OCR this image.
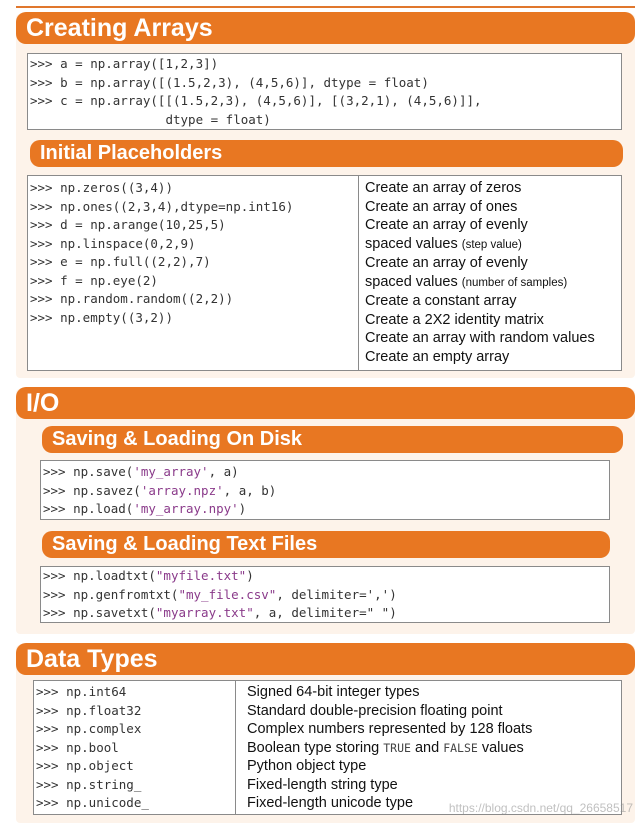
Creating Arrays
>>> a = np.array([1,2,3])
>>> b = np.array([(1.5,2,3), (4,5,6)], dtype = float)
>>> c = np.array([[(1.5,2,3), (4,5,6)], [(3,2,1), (4,5,6)]],
dtype = float)
Initial Placeholders
>>> np.zeros((3,4))
>>> np.ones((2,3,4),dtype=np.int16)
>>> d = np.arange(10,25,5)
>>> np.linspace(0,2,9)
>>> e = np.full((2,2),7)
>>> f = np.eye(2)
>>> np.random.random((2,2))
>>> np.empty((3,2))
Create an array of zeros
Create an array of ones
Create an array of evenly
spaced values (step value)
Create an array of evenly
spaced values (number of samples)
Create a constant array
Create a 2X2 identity matrix
Create an array with random values
Create an empty array
I/O
Saving & Loading On Disk
>>> np.save('my_array', a)
>>> np.savez('array.npz', a, b)
>>> np.load('my_array.npy')
Saving & Loading Text Files
>>> np.loadtxt("myfile.txt")
>>> np.genfromtxt("my_file.csv", delimiter=',')
>>> np.savetxt("myarray.txt", a, delimiter=" ")
Data Types
>>> np.int64
>>> np.float32
>>> np.complex
>>> np.bool
>>> np.object
>>> np.string_
>>> np.unicode_
Signed 64-bit integer types
Standard double-precision floating point
Complex numbers represented by 128 floats
Boolean type storing TRUE and FALSE values
Python object type
Fixed-length string type
Fixed-length unicode type	https://blog.csdn.net/qq_26658517
